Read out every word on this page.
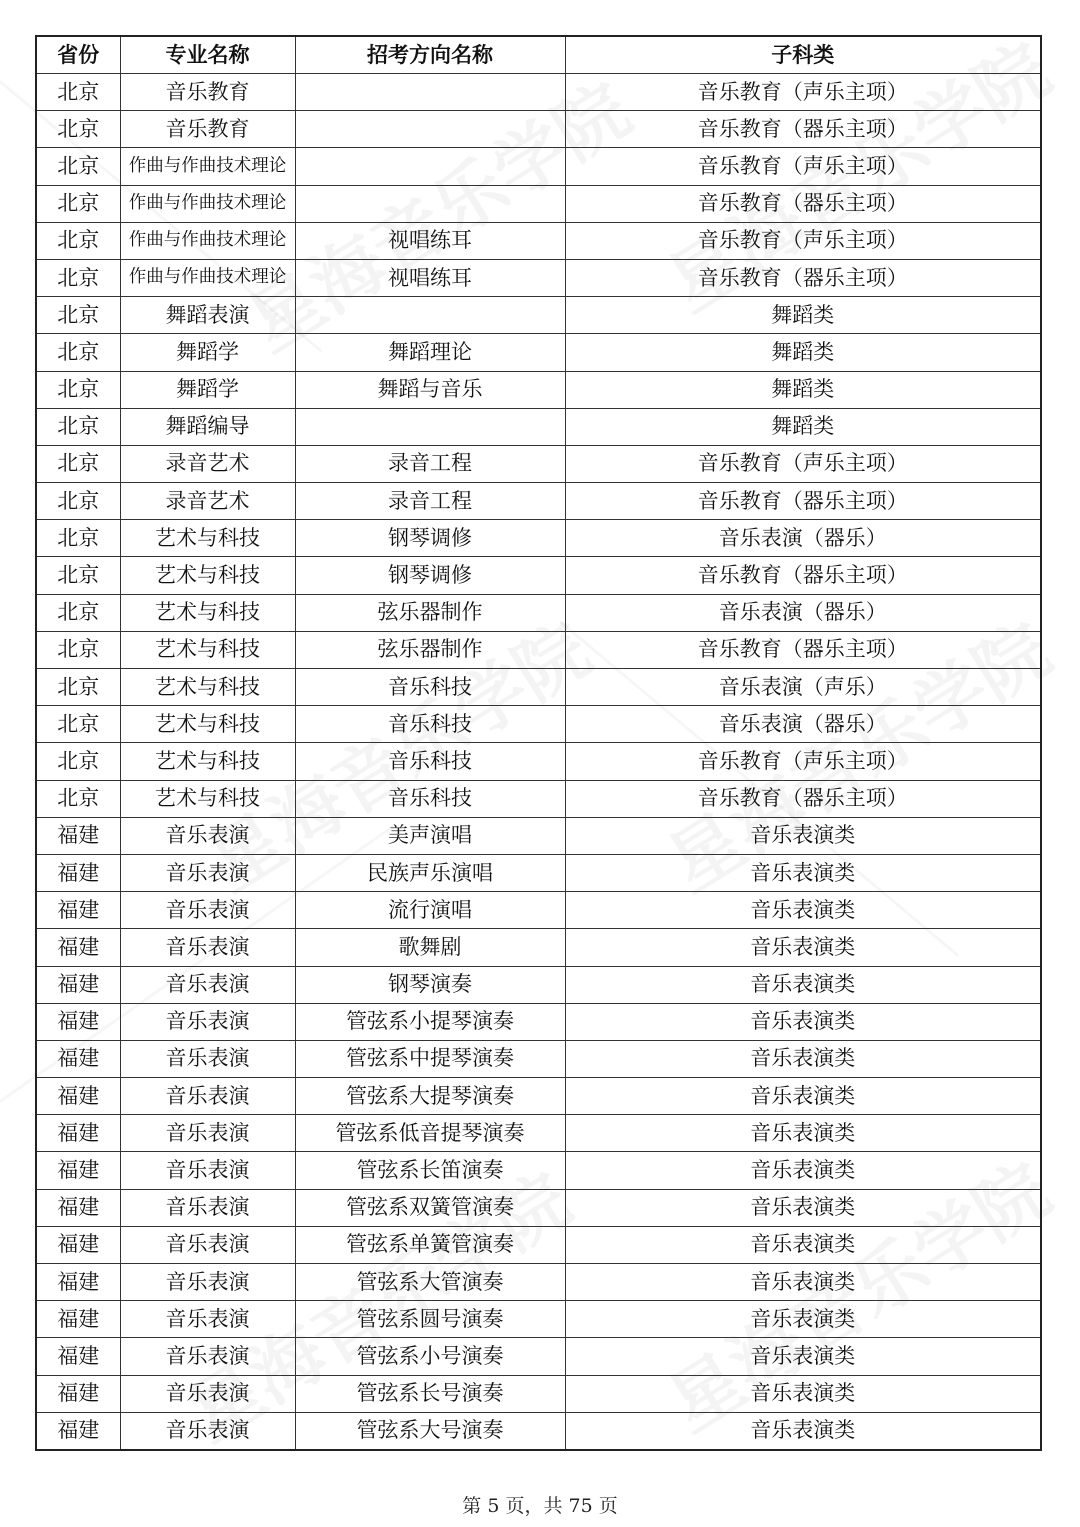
省份	专业名称	招考方向名称	子科类
北京	音乐教育		音乐教育（声乐主项）
北京	音乐教育		音乐教育（器乐主项）
北京	作曲与作曲技术理论		音乐教育（声乐主项）
北京	作曲与作曲技术理论		音乐教育（器乐主项）
北京	作曲与作曲技术理论	视唱练耳	音乐教育（声乐主项）
北京	作曲与作曲技术理论	视唱练耳	音乐教育（器乐主项）
北京	舞蹈表演		舞蹈类
北京	舞蹈学	舞蹈理论	舞蹈类
北京	舞蹈学	舞蹈与音乐	舞蹈类
北京	舞蹈编导		舞蹈类
北京	录音艺术	录音工程	音乐教育（声乐主项）
北京	录音艺术	录音工程	音乐教育（器乐主项）
北京	艺术与科技	钢琴调修	音乐表演（器乐）
北京	艺术与科技	钢琴调修	音乐教育（器乐主项）
北京	艺术与科技	弦乐器制作	音乐表演（器乐）
北京	艺术与科技	弦乐器制作	音乐教育（器乐主项）
北京	艺术与科技	音乐科技	音乐表演（声乐）
北京	艺术与科技	音乐科技	音乐表演（器乐）
北京	艺术与科技	音乐科技	音乐教育（声乐主项）
北京	艺术与科技	音乐科技	音乐教育（器乐主项）
福建	音乐表演	美声演唱	音乐表演类
福建	音乐表演	民族声乐演唱	音乐表演类
福建	音乐表演	流行演唱	音乐表演类
福建	音乐表演	歌舞剧	音乐表演类
福建	音乐表演	钢琴演奏	音乐表演类
福建	音乐表演	管弦系小提琴演奏	音乐表演类
福建	音乐表演	管弦系中提琴演奏	音乐表演类
福建	音乐表演	管弦系大提琴演奏	音乐表演类
福建	音乐表演	管弦系低音提琴演奏	音乐表演类
福建	音乐表演	管弦系长笛演奏	音乐表演类
福建	音乐表演	管弦系双簧管演奏	音乐表演类
福建	音乐表演	管弦系单簧管演奏	音乐表演类
福建	音乐表演	管弦系大管演奏	音乐表演类
福建	音乐表演	管弦系圆号演奏	音乐表演类
福建	音乐表演	管弦系小号演奏	音乐表演类
福建	音乐表演	管弦系长号演奏	音乐表演类
福建	音乐表演	管弦系大号演奏	音乐表演类
第 5 页，共 75 页
